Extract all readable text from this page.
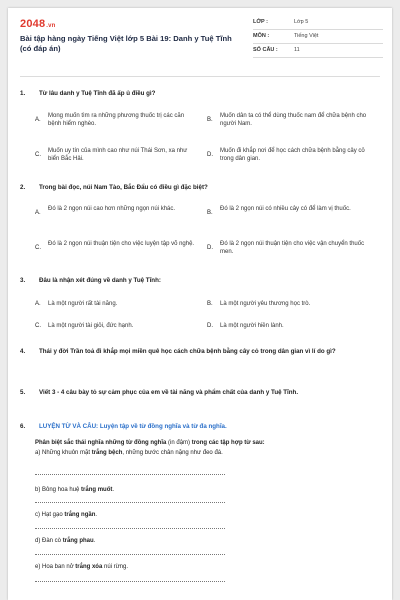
2048.vn
Bài tập hàng ngày Tiếng Việt lớp 5 Bài 19: Danh y Tuệ Tĩnh (có đáp án)
LỚP :	Lớp 5
MÔN :	Tiếng Việt
SỐ CÂU :	11
1. Từ lâu danh y Tuệ Tĩnh đã ấp ủ điều gì?
A.
Mong muốn tìm ra những phương thuốc trị các căn bệnh hiểm nghèo.
B.
Muốn dân ta có thể dùng thuốc nam để chữa bệnh cho người Nam.
C.
Muốn uy tín của mình cao như núi Thái Sơn, xa như biển Bắc Hải.
D.
Muốn đi khắp nơi để học cách chữa bệnh bằng cây cỏ trong dân gian.
2. Trong bài đọc, núi Nam Tào, Bắc Đẩu có điều gì đặc biệt?
A.
Đó là 2 ngọn núi cao hơn những ngọn núi khác.
B.
Đó là 2 ngọn núi có nhiều cây có để làm vị thuốc.
C.
Đó là 2 ngọn núi thuận tiện cho việc luyện tập võ nghệ.
D.
Đó là 2 ngọn núi thuận tiện cho việc vận chuyển thuốc men.
3. Đâu là nhận xét đúng về danh y Tuệ Tĩnh:
A. Là một người rất tài năng.	B. Là một người yêu thương học trò.
C. Là một người tài giỏi, đức hạnh.	D. Là một người hiền lành.
4. Thái y đời Trần toả đi khắp mọi miền quê học cách chữa bệnh bằng cây cỏ trong dân gian vì lí do gì?
5. Viết 3 - 4 câu bày tỏ sự cảm phục của em về tài năng và phẩm chất của danh y Tuệ Tĩnh.
6. LUYỆN TỪ VÀ CÂU: Luyện tập về từ đồng nghĩa và từ đa nghĩa.
Phân biệt sắc thái nghĩa những từ đồng nghĩa (in đậm) trong các tập hợp từ sau:
a) Những khuôn mặt trắng bệch, những bước chân nặng như đeo đá.
b) Bông hoa huệ trắng muốt.
c) Hạt gạo trắng ngần.
d) Đàn cò trắng phau.
e) Hoa ban nở trắng xóa núi rừng.
